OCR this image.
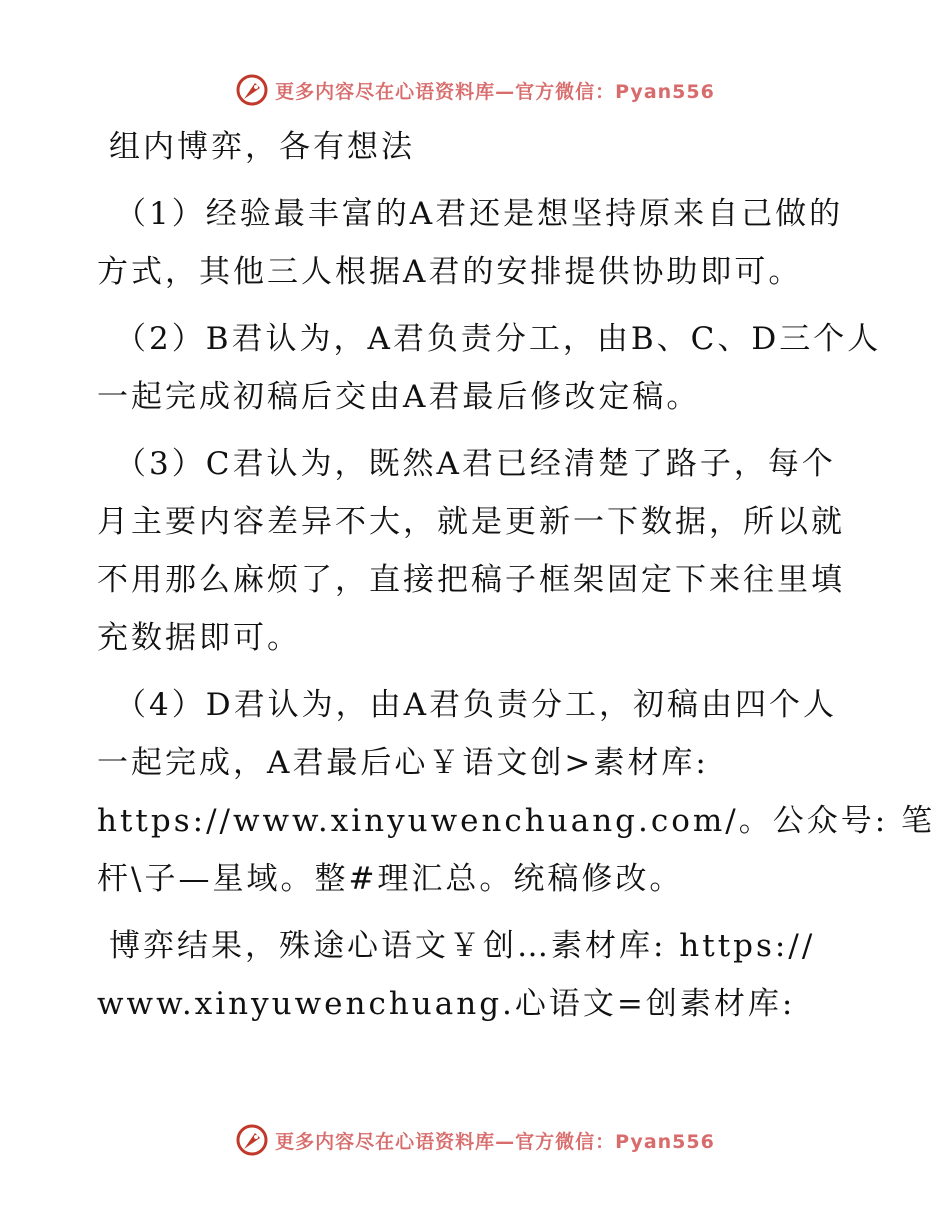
更多内容尽在心语资料库—官方微信：Pyan556
组内博弈，各有想法
（1）经验最丰富的A君还是想坚持原来自己做的
方式，其他三人根据A君的安排提供协助即可。
（2）B君认为，A君负责分工，由B、C、D三个人
一起完成初稿后交由A君最后修改定稿。
（3）C君认为，既然A君已经清楚了路子，每个
月主要内容差异不大，就是更新一下数据，所以就
不用那么麻烦了，直接把稿子框架固定下来往里填
充数据即可。
（4）D君认为，由A君负责分工，初稿由四个人
一起完成，A君最后心￥语文创>素材库:
https://www.xinyuwenchuang.com/。公众号: 笔
杆\子—星域。整#理汇总。统稿修改。
博弈结果，殊途心语文￥创…素材库: https://
www.xinyuwenchuang.心语文=创素材库:
更多内容尽在心语资料库—官方微信：Pyan556
